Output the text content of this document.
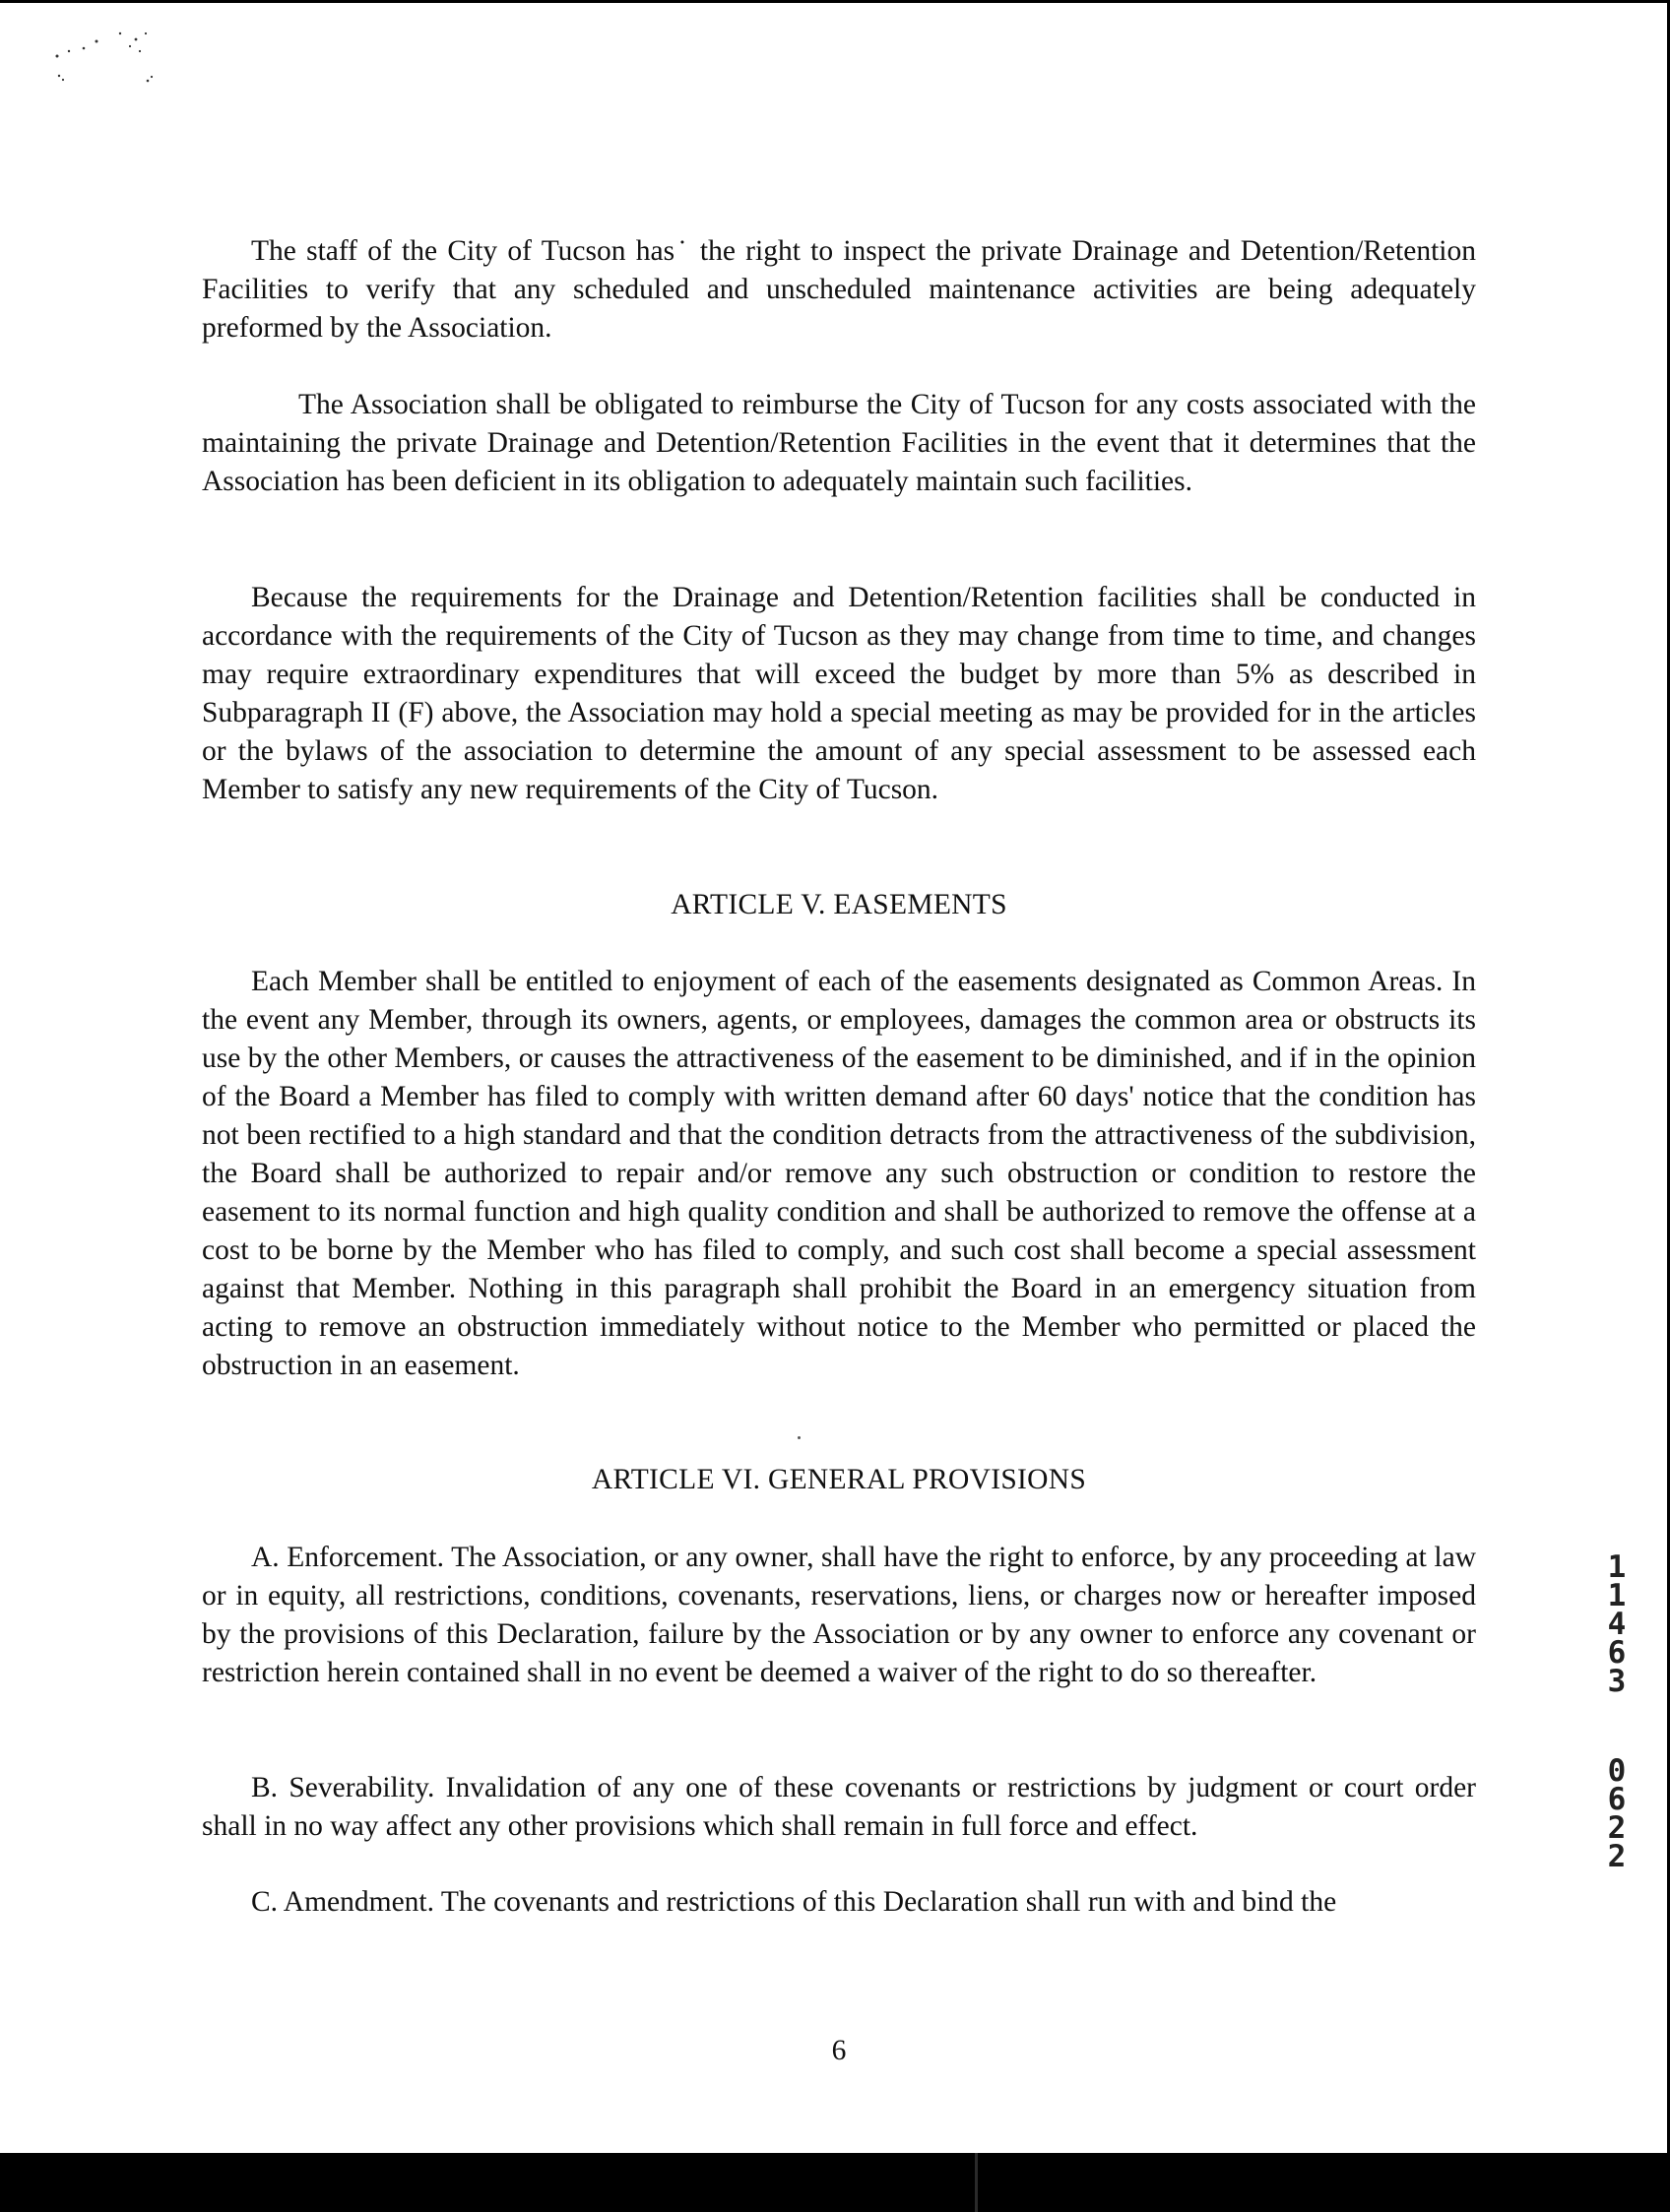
The staff of the City of Tucson has˙ the right to inspect the private Drainage and Detention/Retention Facilities to verify that any scheduled and unscheduled maintenance activities are being adequately preformed by the Association.

The Association shall be obligated to reimburse the City of Tucson for any costs associated with the maintaining the private Drainage and Detention/Retention Facilities in the event that it determines that the Association has been deficient in its obligation to adequately maintain such facilities.

Because the requirements for the Drainage and Detention/Retention facilities shall be conducted in accordance with the requirements of the City of Tucson as they may change from time to time, and changes may require extraordinary expenditures that will exceed the budget by more than 5% as described in Subparagraph II (F) above, the Association may hold a special meeting as may be provided for in the articles or the bylaws of the association to determine the amount of any special assessment to be assessed each Member to satisfy any new requirements of the City of Tucson.

ARTICLE V. EASEMENTS

Each Member shall be entitled to enjoyment of each of the easements designated as Common Areas. In the event any Member, through its owners, agents, or employees, damages the common area or obstructs its use by the other Members, or causes the attractiveness of the easement to be diminished, and if in the opinion of the Board a Member has filed to comply with written demand after 60 days' notice that the condition has not been rectified to a high standard and that the condition detracts from the attractiveness of the subdivision, the Board shall be authorized to repair and/or remove any such obstruction or condition to restore the easement to its normal function and high quality condition and shall be authorized to remove the offense at a cost to be borne by the Member who has filed to comply, and such cost shall become a special assessment against that Member. Nothing in this paragraph shall prohibit the Board in an emergency situation from acting to remove an obstruction immediately without notice to the Member who permitted or placed the obstruction in an easement.

ARTICLE VI. GENERAL PROVISIONS

A. Enforcement. The Association, or any owner, shall have the right to enforce, by any proceeding at law or in equity, all restrictions, conditions, covenants, reservations, liens, or charges now or hereafter imposed by the provisions of this Declaration, failure by the Association or by any owner to enforce any covenant or restriction herein contained shall in no event be deemed a waiver of the right to do so thereafter.

B. Severability. Invalidation of any one of these covenants or restrictions by judgment or court order shall in no way affect any other provisions which shall remain in full force and effect.

C. Amendment. The covenants and restrictions of this Declaration shall run with and bind the

1
1
4
6
3
0
6
2
2

6
